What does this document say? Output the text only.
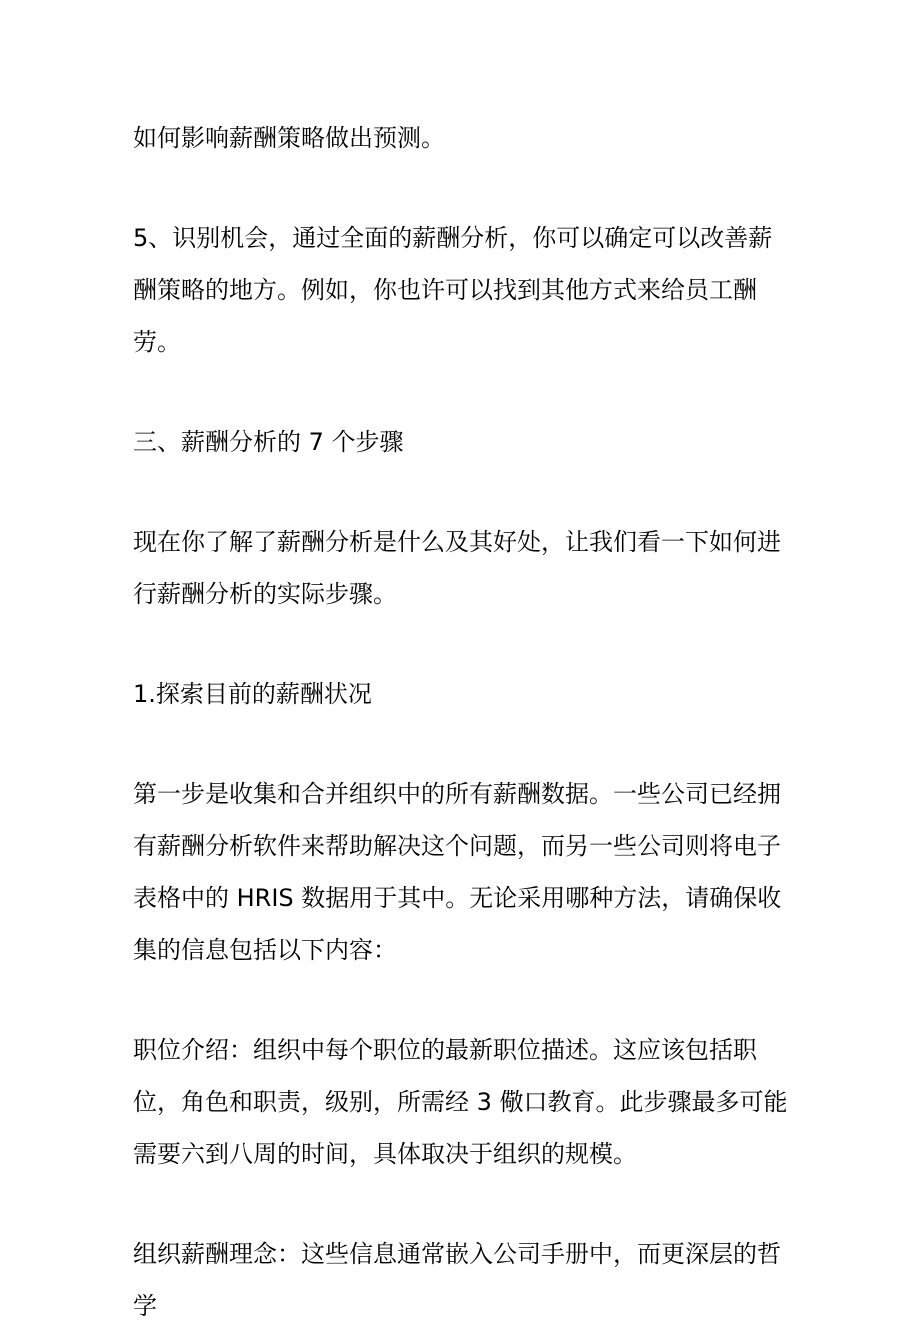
如何影响薪酬策略做出预测。

5、识别机会，通过全面的薪酬分析，你可以确定可以改善薪酬策略的地方。例如，你也许可以找到其他方式来给员工酬劳。

三、薪酬分析的 7 个步骤

现在你了解了薪酬分析是什么及其好处，让我们看一下如何进行薪酬分析的实际步骤。

1.探索目前的薪酬状况

第一步是收集和合并组织中的所有薪酬数据。一些公司已经拥有薪酬分析软件来帮助解决这个问题，而另一些公司则将电子表格中的 HRIS 数据用于其中。无论采用哪种方法，请确保收集的信息包括以下内容：

职位介绍：组织中每个职位的最新职位描述。这应该包括职位，角色和职责，级别，所需经 3 儆口教育。此步骤最多可能需要六到八周的时间，具体取决于组织的规模。

组织薪酬理念：这些信息通常嵌入公司手册中，而更深层的哲学
